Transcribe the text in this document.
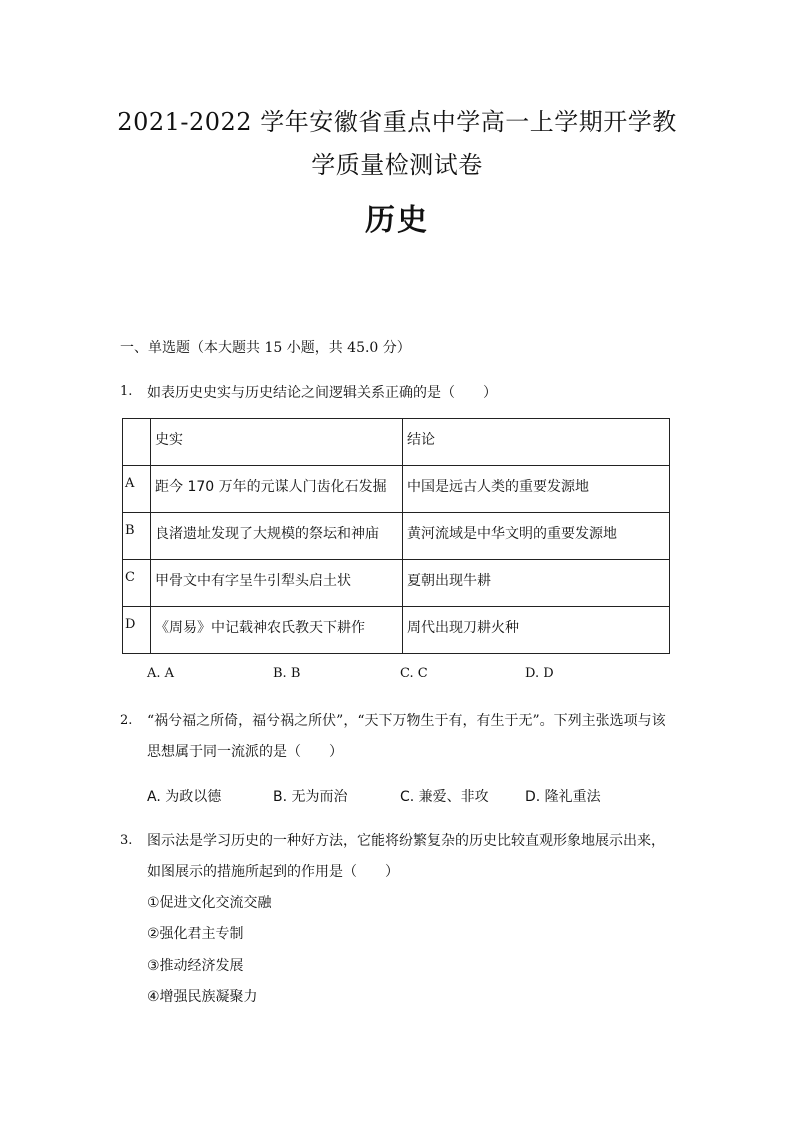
2021-2022 学年安徽省重点中学高一上学期开学教
学质量检测试卷
历史
一、单选题（本大题共 15 小题，共 45.0 分）
1. 如表历史史实与历史结论之间逻辑关系正确的是（　　）
	史实	结论
A	距今 170 万年的元谋人门齿化石发掘	中国是远古人类的重要发源地
B	良渚遗址发现了大规模的祭坛和神庙	黄河流域是中华文明的重要发源地
C	甲骨文中有字呈牛引犁头启土状	夏朝出现牛耕
D	《周易》中记载神农氏教天下耕作	周代出现刀耕火种
A. A	B. B	C. C	D. D
2. “祸兮福之所倚，福兮祸之所伏”，“天下万物生于有，有生于无”。下列主张选项与该
思想属于同一流派的是（　　）
A. 为政以德	B. 无为而治	C. 兼爱、非攻	D. 隆礼重法
3. 图示法是学习历史的一种好方法，它能将纷繁复杂的历史比较直观形象地展示出来，
如图展示的措施所起到的作用是（　　）
①促进文化交流交融
②强化君主专制
③推动经济发展
④增强民族凝聚力
